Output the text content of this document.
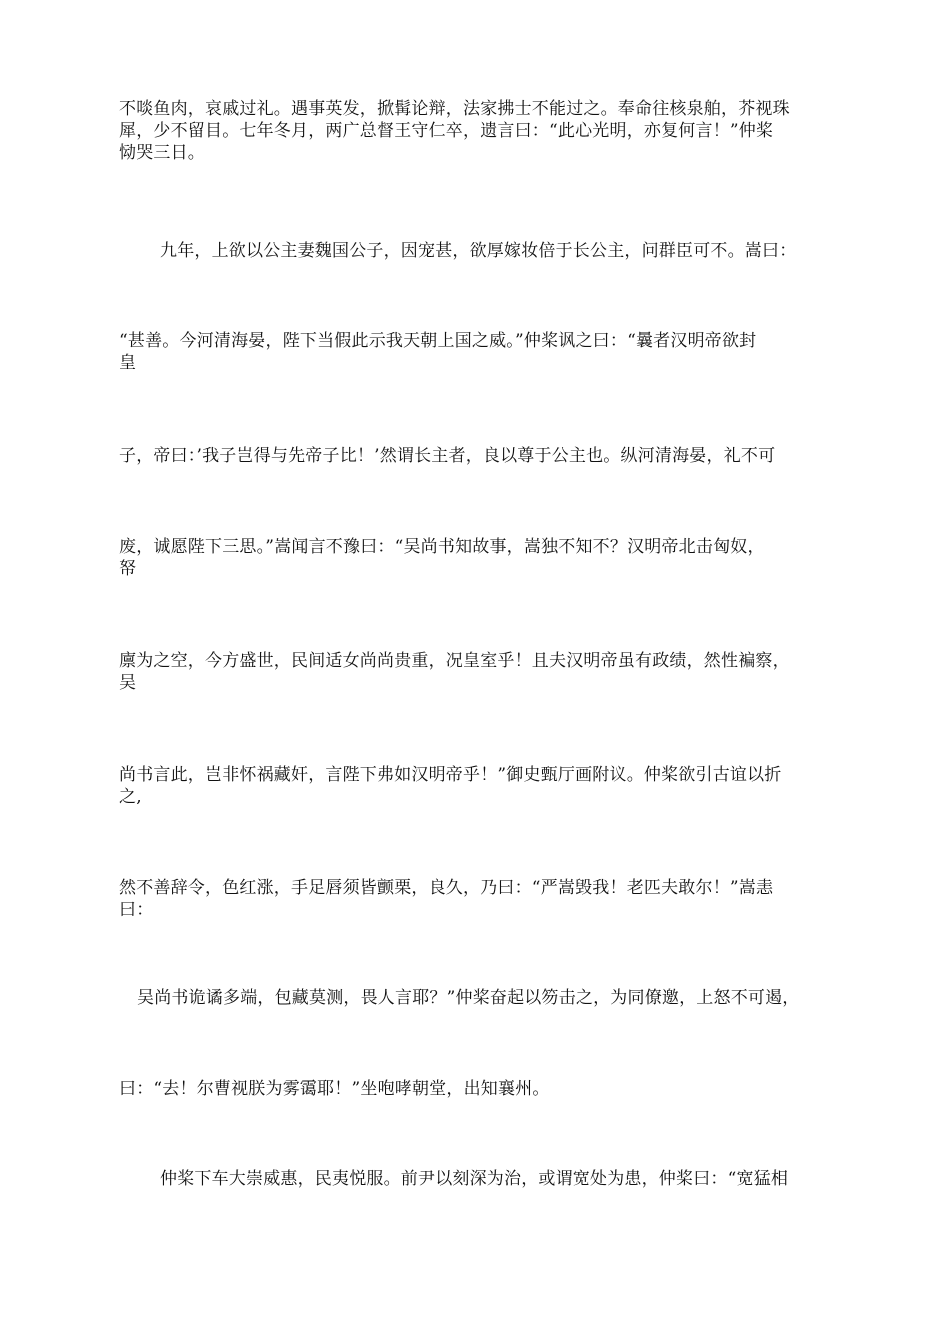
不啖鱼肉，哀戚过礼。遇事英发，掀髯论辩，法家拂士不能过之。奉命往核泉舶，芥视珠
犀，少不留目。七年冬月，两广总督王守仁卒，遗言曰：“此心光明，亦复何言！”仲桨
恸哭三日。
九年，上欲以公主妻魏国公子，因宠甚，欲厚嫁妆倍于长公主，问群臣可不。嵩曰：
“甚善。今河清海晏，陛下当假此示我天朝上国之威。”仲桨讽之曰：“曩者汉明帝欲封
皇
子，帝曰：’我子岂得与先帝子比！’然谓长主者，良以尊于公主也。纵河清海晏，礼不可
废，诚愿陛下三思。”嵩闻言不豫曰：“吴尚书知故事，嵩独不知不？汉明帝北击匈奴，
帑
廪为之空，今方盛世，民间适女尚尚贵重，况皇室乎！且夫汉明帝虽有政绩，然性褊察，
吴
尚书言此，岂非怀祸藏奸，言陛下弗如汉明帝乎！”御史甄厅画附议。仲桨欲引古谊以折
之,
然不善辞令，色红涨，手足唇须皆颤栗，良久，乃曰：“严嵩毁我！老匹夫敢尔！”嵩恚
曰：
吴尚书诡谲多端，包藏莫测，畏人言耶？”仲桨奋起以笏击之，为同僚邀，上怒不可遏，
曰：“去！尔曹视朕为雾霭耶！”坐咆哮朝堂，出知襄州。
仲桨下车大崇威惠，民夷悦服。前尹以刻深为治，或谓宽处为患，仲桨曰：“宽猛相
